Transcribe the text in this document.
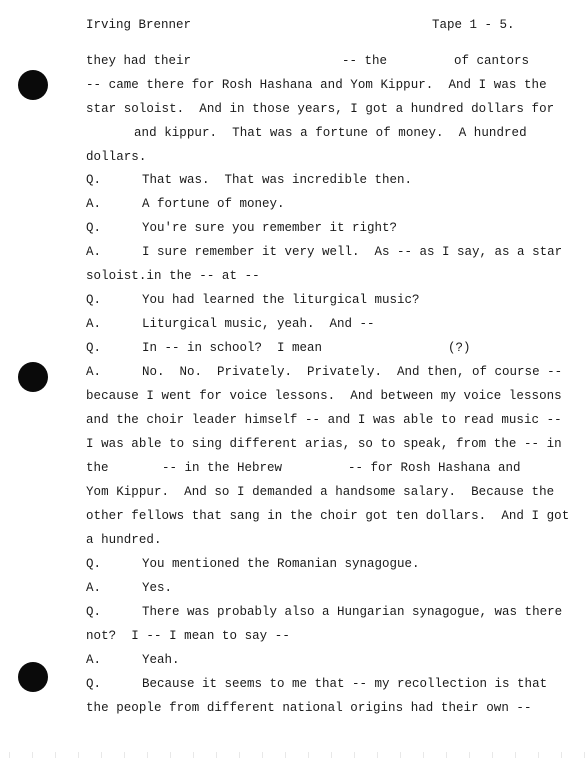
Irving Brenner	Tape 1 - 5.
they had their	-- the	of cantors
-- came there for Rosh Hashana and Yom Kippur.  And I was the
star soloist.  And in those years, I got a hundred dollars for
and kippur.  That was a fortune of money.  A hundred
dollars.
Q.	That was.  That was incredible then.
A.	A fortune of money.
Q.	You're sure you remember it right?
A.	I sure remember it very well.  As -- as I say, as a star
soloist.in the -- at --
Q.	You had learned the liturgical music?
A.	Liturgical music, yeah.  And --
Q.	In -- in school?  I mean	(?)
A.	No.  No.  Privately.  Privately.  And then, of course --
because I went for voice lessons.  And between my voice lessons
and the choir leader himself -- and I was able to read music --
I was able to sing different arias, so to speak, from the -- in
the	-- in the Hebrew	-- for Rosh Hashana and
Yom Kippur.  And so I demanded a handsome salary.  Because the
other fellows that sang in the choir got ten dollars.  And I got
a hundred.
Q.	You mentioned the Romanian synagogue.
A.	Yes.
Q.	There was probably also a Hungarian synagogue, was there
not?  I -- I mean to say --
A.	Yeah.
Q.	Because it seems to me that -- my recollection is that
the people from different national origins had their own --
